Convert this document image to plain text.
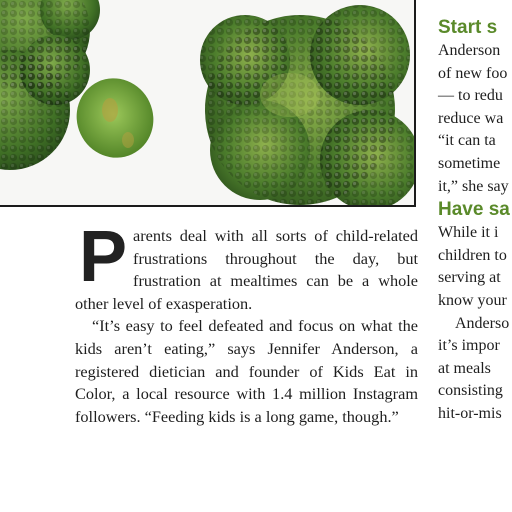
Parents deal with all sorts of child-related frustrations throughout the day, but frustration at mealtimes can be a whole other level of exasperation.

“It’s easy to feel defeated and focus on what the kids aren’t eating,” says Jennifer Anderson, a registered dietician and founder of Kids Eat in Color, a local resource with 1.4 million Instagram followers. “Feeding kids is a long game, though.”

Start s
Anderson
of new foo
— to redu
reduce wa
“it can ta
sometime
it,” she say
Have sa
While it i
children to
serving at
know your
Anderso
it’s impor
at meals
consisting
hit-or-mis
